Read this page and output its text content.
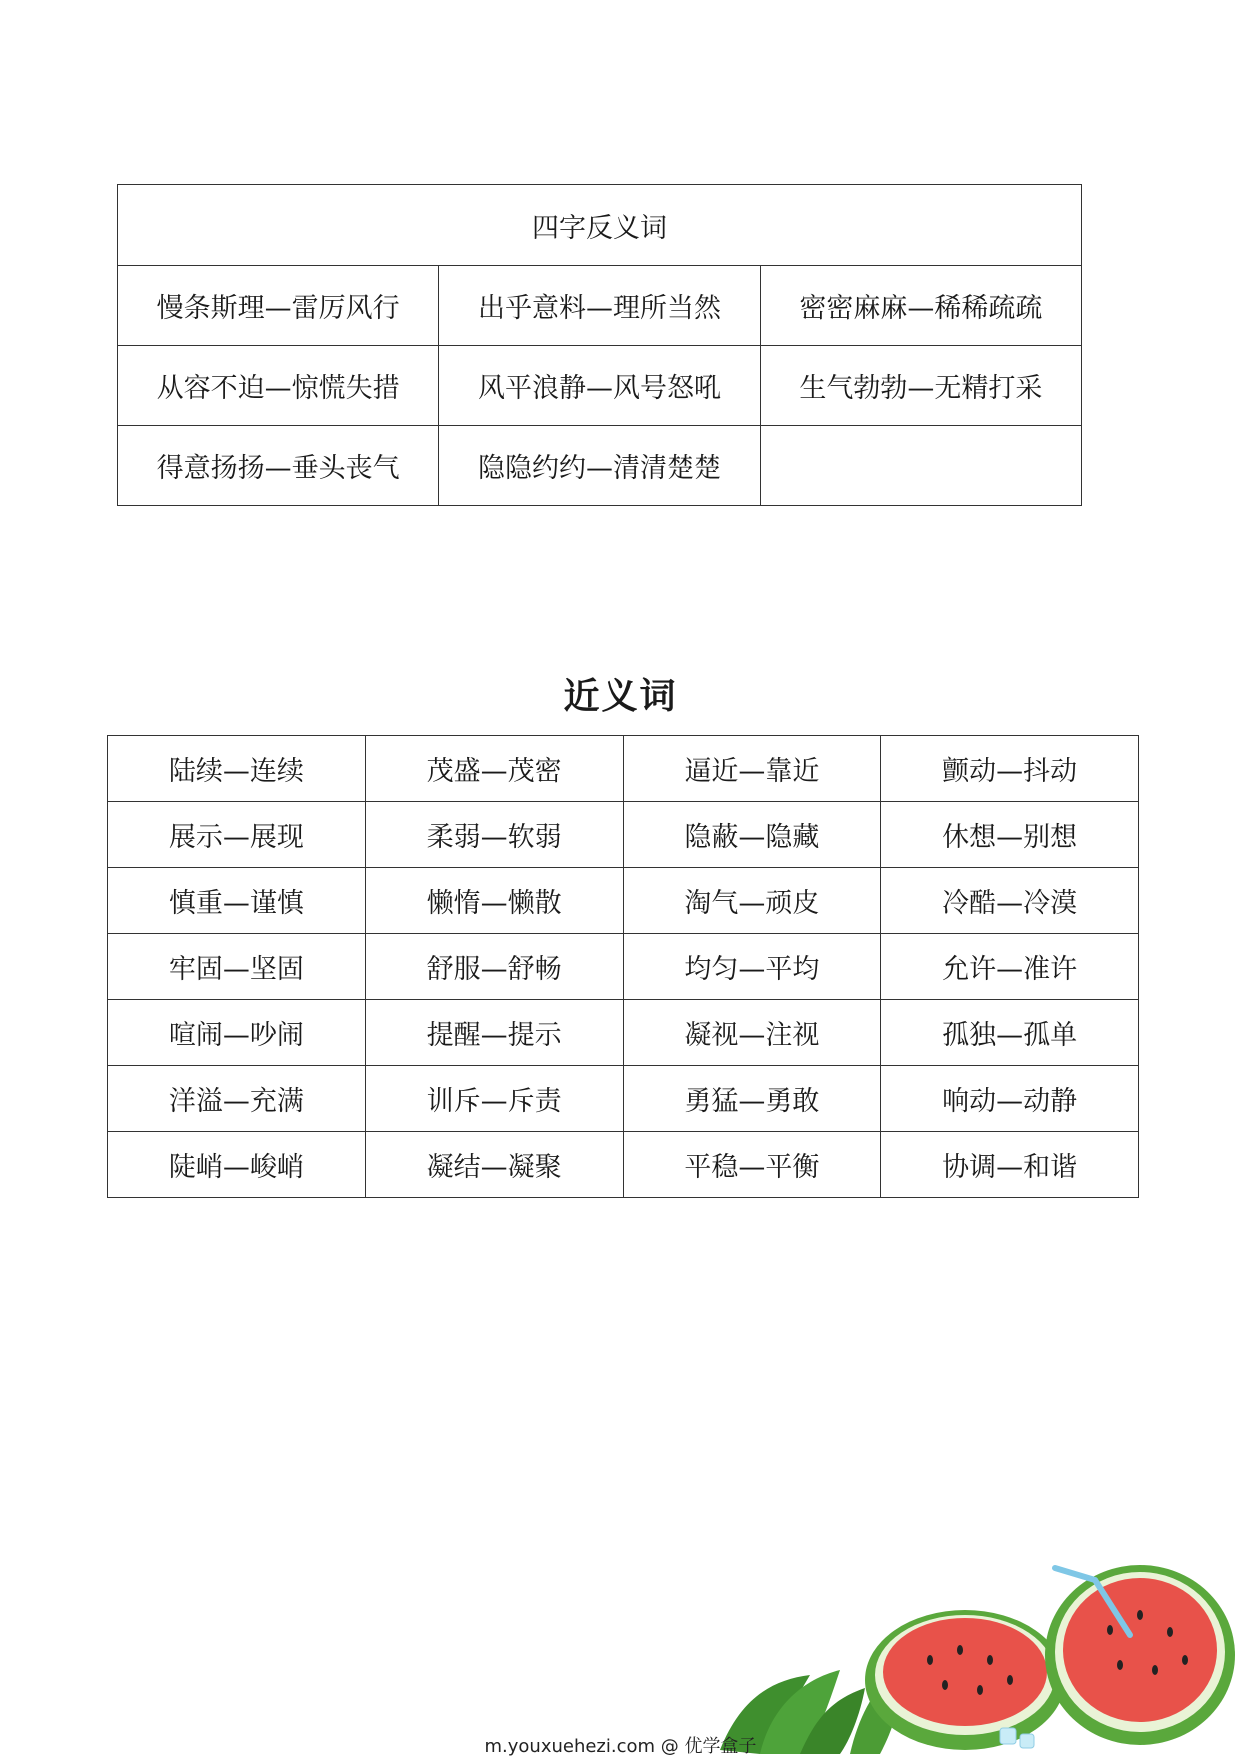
四字反义词		
慢条斯理—雷厉风行	出乎意料—理所当然	密密麻麻—稀稀疏疏
从容不迫—惊慌失措	风平浪静—风号怒吼	生气勃勃—无精打采
得意扬扬—垂头丧气	隐隐约约—清清楚楚	
近义词
陆续—连续	茂盛—茂密	逼近—靠近	颤动—抖动
展示—展现	柔弱—软弱	隐蔽—隐藏	休想—别想
慎重—谨慎	懒惰—懒散	淘气—顽皮	冷酷—冷漠
牢固—坚固	舒服—舒畅	均匀—平均	允许—准许
喧闹—吵闹	提醒—提示	凝视—注视	孤独—孤单
洋溢—充满	训斥—斥责	勇猛—勇敢	响动—动静
陡峭—峻峭	凝结—凝聚	平稳—平衡	协调—和谐
m.youxuehezi.com @ 优学盒子
